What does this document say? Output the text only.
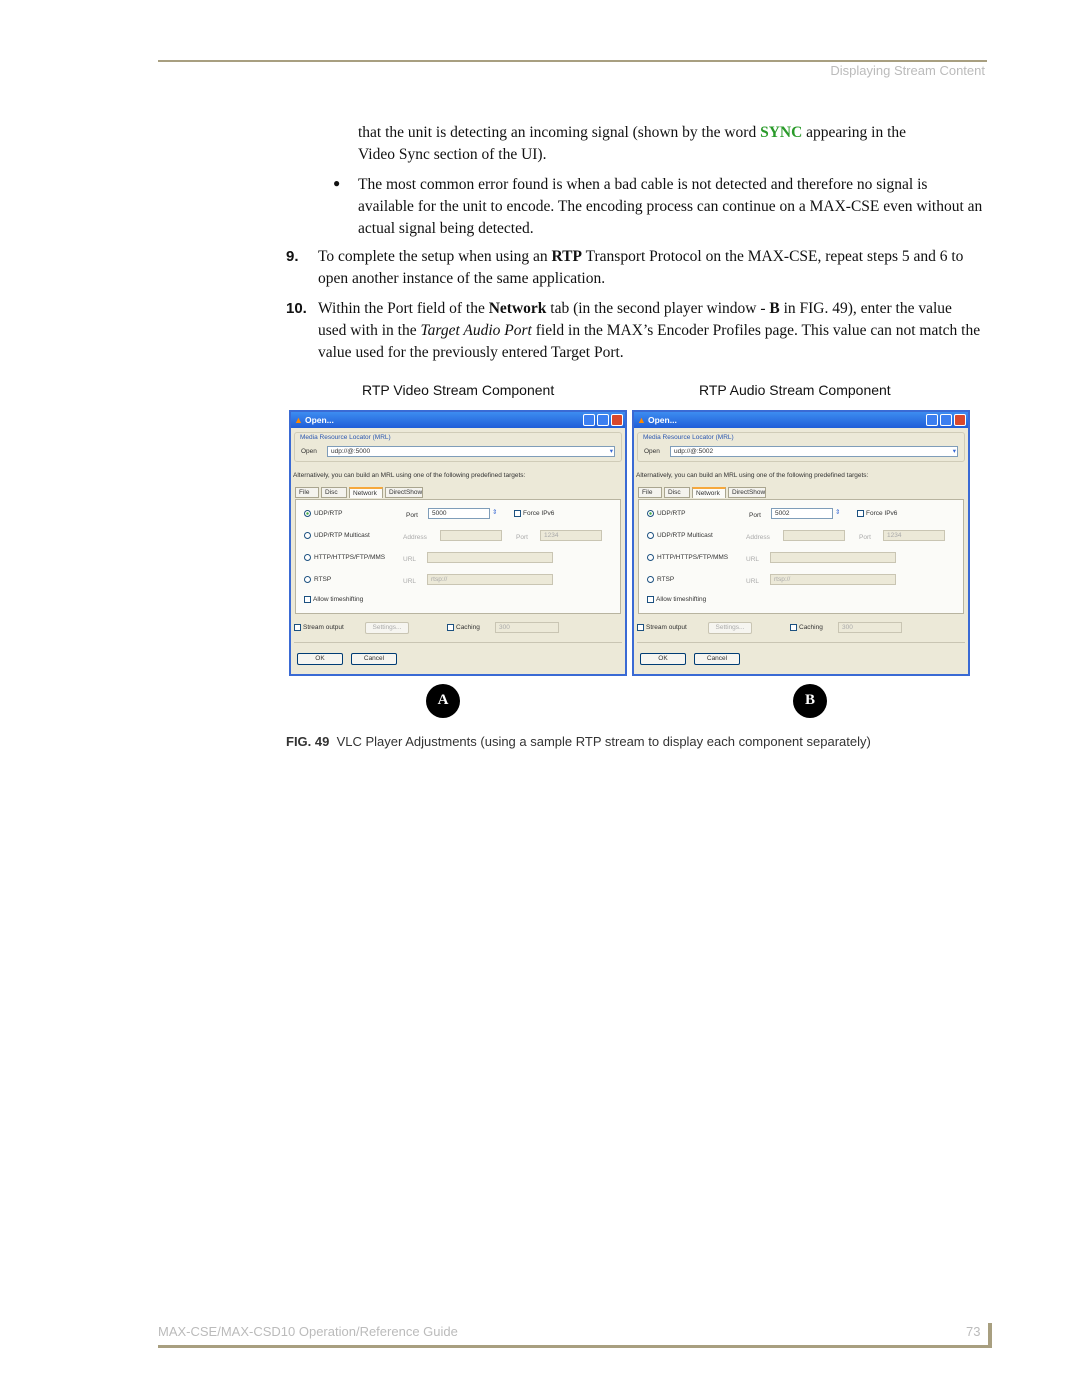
Displaying Stream Content
that the unit is detecting an incoming signal (shown by the word SYNC appearing in the
Video Sync section of the UI).
● The most common error found is when a bad cable is not detected and therefore no signal is available for the unit to encode. The encoding process can continue on a MAX-CSE even without an actual signal being detected.
9. To complete the setup when using an RTP Transport Protocol on the MAX-CSE, repeat steps 5 and 6 to open another instance of the same application.
10. Within the Port field of the Network tab (in the second player window - B in FIG. 49), enter the value used with in the Target Audio Port field in the MAX’s Encoder Profiles page. This value can not match the value used for the previously entered Target Port.
RTP Video Stream Component	RTP Audio Stream Component
▲ Open...
Media Resource Locator (MRL)
Open	udp://@:5000	▾
Alternatively, you can build an MRL using one of the following predefined targets:
File	Disc	Network	DirectShow
UDP/RTP	Port	5000	⇕	Force IPv6
UDP/RTP Multicast	Address	Port	1234
HTTP/HTTPS/FTP/MMS	URL
RTSP	URL	rtsp://
Allow timeshifting
Stream output	Settings...	Caching	300
OK	Cancel
▲ Open...
Media Resource Locator (MRL)
Open	udp://@:5002	▾
Alternatively, you can build an MRL using one of the following predefined targets:
File	Disc	Network	DirectShow
UDP/RTP	Port	5002	⇕	Force IPv6
UDP/RTP Multicast	Address	Port	1234
HTTP/HTTPS/FTP/MMS	URL
RTSP	URL	rtsp://
Allow timeshifting
Stream output	Settings...	Caching	300
OK	Cancel
A	B
FIG. 49 VLC Player Adjustments (using a sample RTP stream to display each component separately)
MAX-CSE/MAX-CSD10 Operation/Reference Guide	73
